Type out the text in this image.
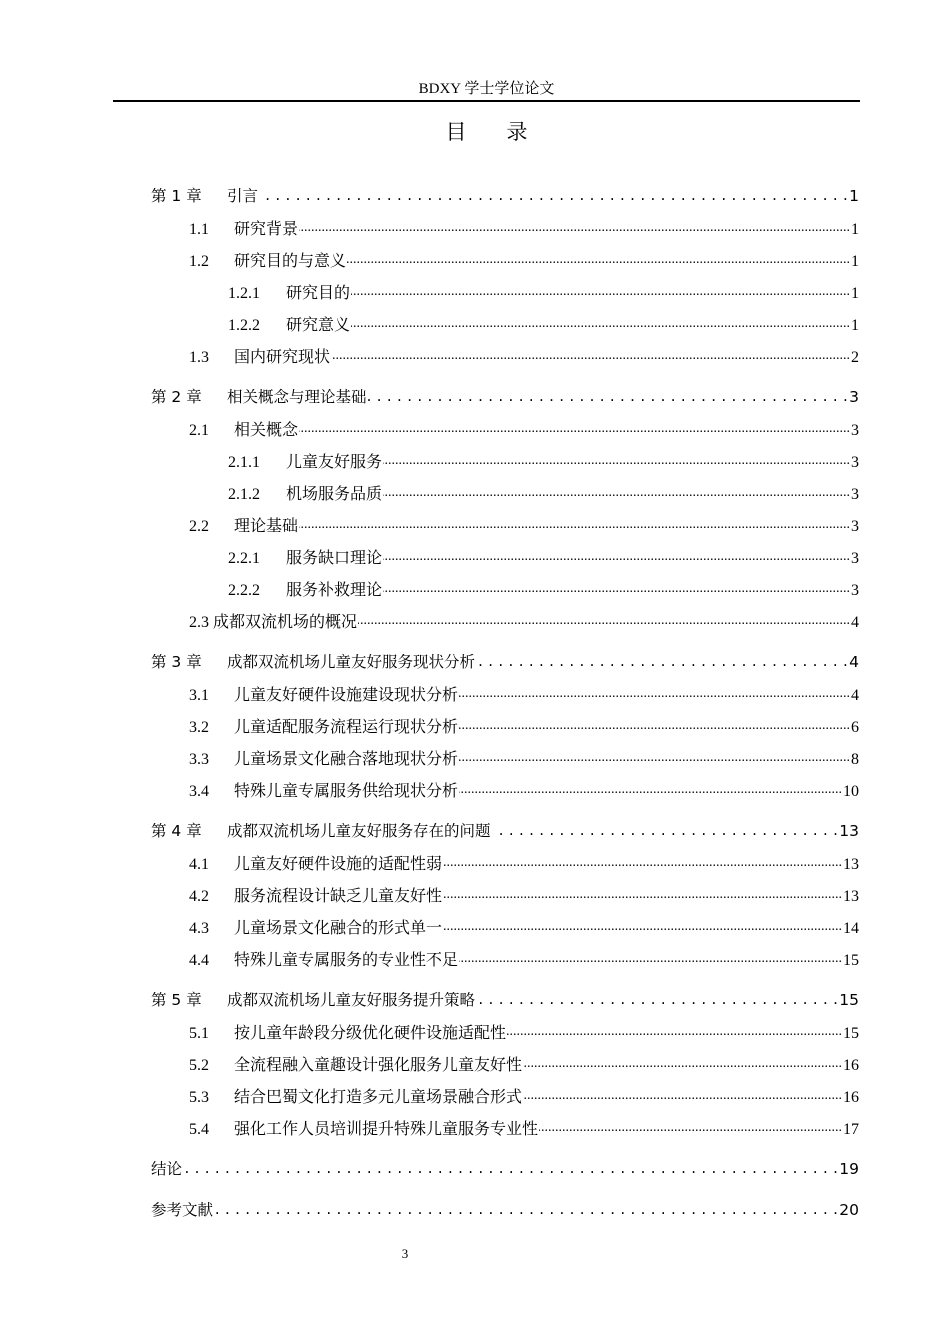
BDXY 学士学位论文
目 录
第 1 章	引言 . . .	1
1.1	研究背景 .....	1
1.2	研究目的与意义 .....	1
1.2.1	研究目的 .....	1
1.2.2	研究意义 .....	1
1.3	国内研究现状 .....	2
第 2 章	相关概念与理论基础 . . .	3
2.1	相关概念 .....	3
2.1.1	儿童友好服务 .....	3
2.1.2	机场服务品质 .....	3
2.2	理论基础 .....	3
2.2.1	服务缺口理论 .....	3
2.2.2	服务补救理论 .....	3
2.3 成都双流机场的概况 .....	4
第 3 章	成都双流机场儿童友好服务现状分析 . . .	4
3.1	儿童友好硬件设施建设现状分析 .....	4
3.2	儿童适配服务流程运行现状分析 .....	6
3.3	儿童场景文化融合落地现状分析 .....	8
3.4	特殊儿童专属服务供给现状分析 .....	10
第 4 章	成都双流机场儿童友好服务存在的问题 . . .	13
4.1	儿童友好硬件设施的适配性弱 .....	13
4.2	服务流程设计缺乏儿童友好性 .....	13
4.3	儿童场景文化融合的形式单一 .....	14
4.4	特殊儿童专属服务的专业性不足 .....	15
第 5 章	成都双流机场儿童友好服务提升策略 . . .	15
5.1	按儿童年龄段分级优化硬件设施适配性 .....	15
5.2	全流程融入童趣设计强化服务儿童友好性 .....	16
5.3	结合巴蜀文化打造多元儿童场景融合形式 .....	16
5.4	强化工作人员培训提升特殊儿童服务专业性 .....	17
结论 . . .	19
参考文献 . . .	20
3
